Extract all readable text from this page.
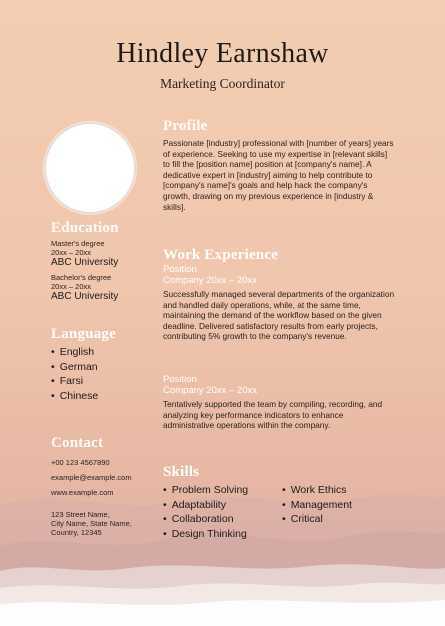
Hindley Earnshaw
Marketing Coordinator
Education
Master's degree
20xx – 20xx
ABC University
Bachelor's degree
20xx – 20xx
ABC University
Language
• English
• German
• Farsi
• Chinese
Contact
+00 123 4567890
example@example.com
www.example.com
123 Street Name,
City Name, State Name,
Country, 12345
Profile
Passionate [industry] professional with [number of years] years of experience. Seeking to use my expertise in [relevant skills] to fill the [position name] position at [company's name]. A dedicative expert in [industry] aiming to help contribute to [company's name]'s goals and help hack the company's growth, drawing on my previous experience in [industry & skills].
Work Experience
Position
Company 20xx – 20xx
Successfully managed several departments of the organization and handled daily operations, while, at the same time, maintaining the demand of the workflow based on the given deadline. Delivered satisfactory results from early projects, contributing 5% growth to the company's revenue.
Position
Company 20xx – 20xx
Tentatively supported the team by compiling, recording, and analyzing key performance indicators to enhance administrative operations within the company.
Skills
• Problem Solving
• Adaptability
• Collaboration
• Design Thinking
• Work Ethics
• Management
• Critical
